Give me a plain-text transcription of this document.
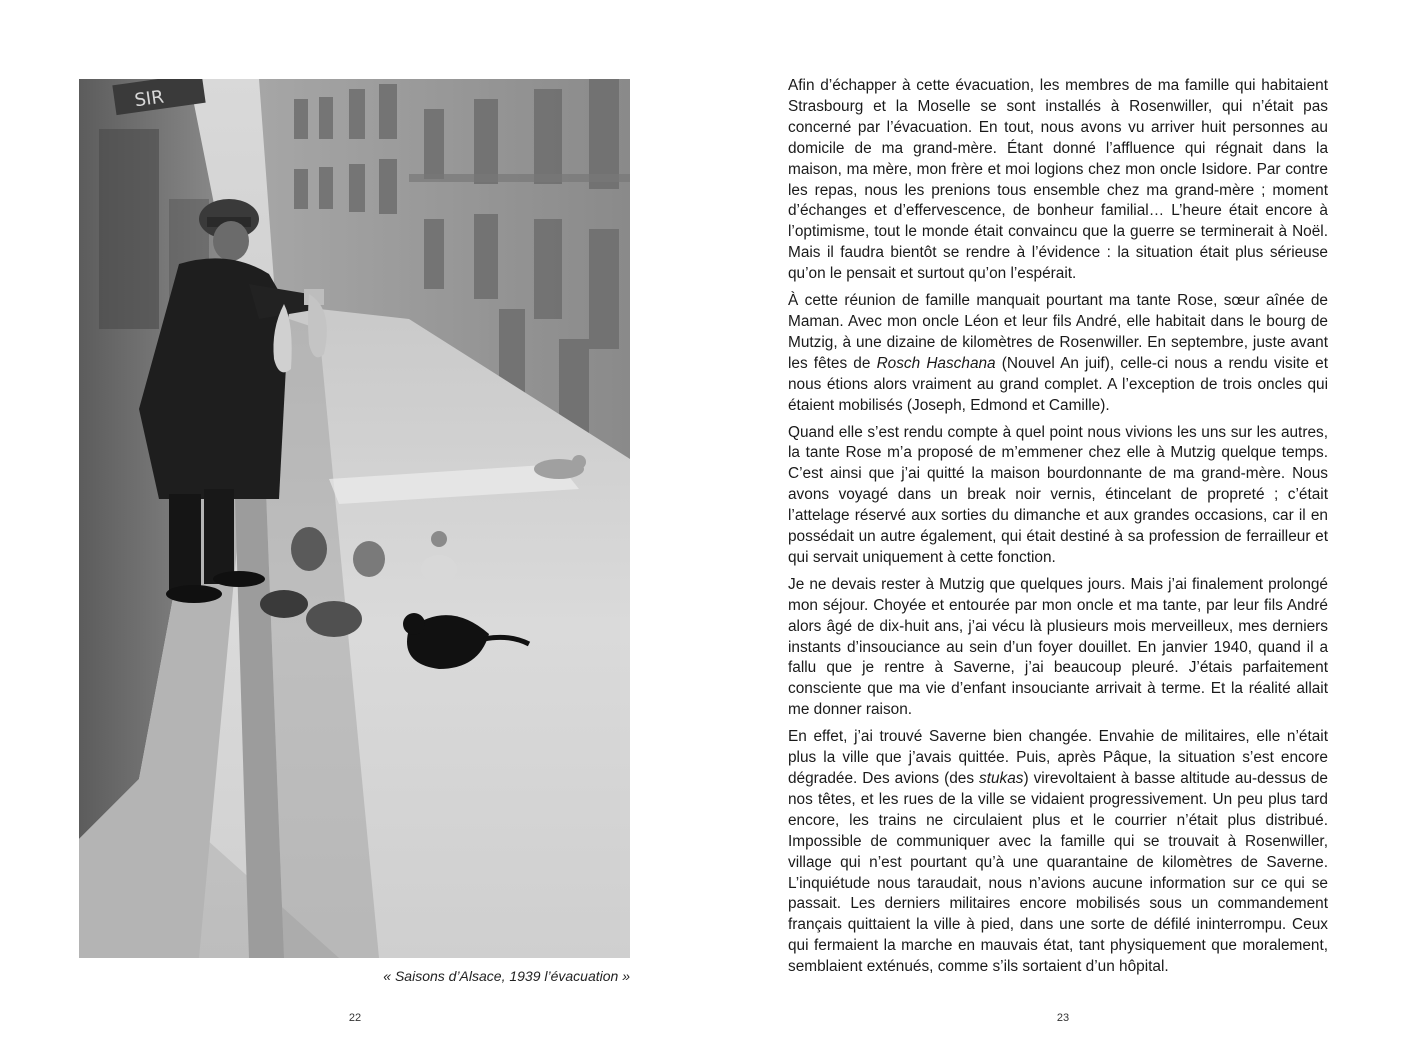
SIR
« Saisons d’Alsace, 1939 l’évacuation »
22

Afin d’échapper à cette évacuation, les membres de ma famille qui habitaient Strasbourg et la Moselle se sont installés à Rosenwiller, qui n’était pas concerné par l’évacuation. En tout, nous avons vu arriver huit personnes au domicile de ma grand-mère. Étant donné l’affluence qui régnait dans la maison, ma mère, mon frère et moi logions chez mon oncle Isidore. Par contre les repas, nous les prenions tous ensemble chez ma grand-mère ; moment d’échanges et d’effervescence, de bonheur familial… L’heure était encore à l’optimisme, tout le monde était convaincu que la guerre se terminerait à Noël. Mais il faudra bientôt se rendre à l’évidence : la situation était plus sérieuse qu’on le pensait et surtout qu’on l’espérait.

À cette réunion de famille manquait pourtant ma tante Rose, sœur aînée de Maman. Avec mon oncle Léon et leur fils André, elle habitait dans le bourg de Mutzig, à une dizaine de kilomètres de Rosenwiller. En septembre, juste avant les fêtes de Rosch Haschana (Nouvel An juif), celle-ci nous a rendu visite et nous étions alors vraiment au grand complet. A l’exception de trois oncles qui étaient mobilisés (Joseph, Edmond et Camille).

Quand elle s’est rendu compte à quel point nous vivions les uns sur les autres, la tante Rose m’a proposé de m’emmener chez elle à Mutzig quelque temps. C’est ainsi que j’ai quitté la maison bourdonnante de ma grand-mère. Nous avons voyagé dans un break noir vernis, étincelant de propreté ; c’était l’attelage réservé aux sorties du dimanche et aux grandes occasions, car il en possédait un autre également, qui était destiné à sa profession de ferrailleur et qui servait uniquement à cette fonction.

Je ne devais rester à Mutzig que quelques jours. Mais j’ai finalement prolongé mon séjour. Choyée et entourée par mon oncle et ma tante, par leur fils André alors âgé de dix-huit ans, j’ai vécu là plusieurs mois merveilleux, mes derniers instants d’insouciance au sein d’un foyer douillet. En janvier 1940, quand il a fallu que je rentre à Saverne, j’ai beaucoup pleuré. J’étais parfaitement consciente que ma vie d’enfant insouciante arrivait à terme. Et la réalité allait me donner raison.

En effet, j’ai trouvé Saverne bien changée. Envahie de militaires, elle n’était plus la ville que j’avais quittée. Puis, après Pâque, la situation s’est encore dégradée. Des avions (des stukas) virevoltaient à basse altitude au-dessus de nos têtes, et les rues de la ville se vidaient progressivement. Un peu plus tard encore, les trains ne circulaient plus et le courrier n’était plus distribué. Impossible de communiquer avec la famille qui se trouvait à Rosenwiller, village qui n’est pourtant qu’à une quarantaine de kilomètres de Saverne. L’inquiétude nous taraudait, nous n’avions aucune information sur ce qui se passait. Les derniers militaires encore mobilisés sous un commandement français quittaient la ville à pied, dans une sorte de défilé ininterrompu. Ceux qui fermaient la marche en mauvais état, tant physiquement que moralement, semblaient exténués, comme s’ils sortaient d’un hôpital.

23
